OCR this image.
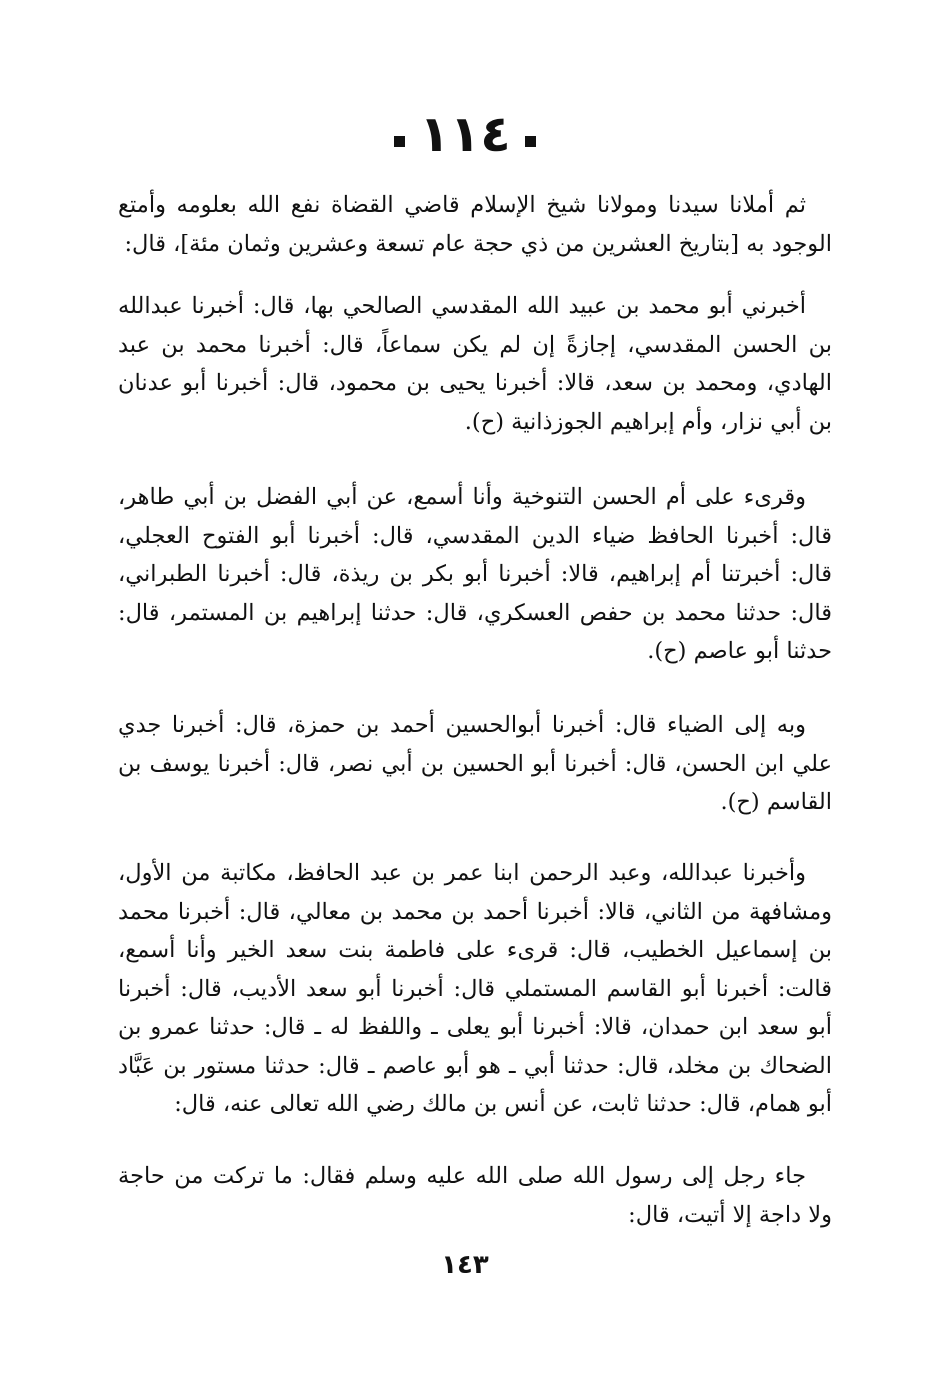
١١٤

ثم أملانا سيدنا ومولانا شيخ الإسلام قاضي القضاة نفع الله بعلومه وأمتع الوجود به [بتاريخ العشرين من ذي حجة عام تسعة وعشرين وثمان مئة]، قال:

أخبرني أبو محمد بن عبيد الله المقدسي الصالحي بها، قال: أخبرنا عبدالله بن الحسن المقدسي، إجازةً إن لم يكن سماعاً، قال: أخبرنا محمد بن عبد الهادي، ومحمد بن سعد، قالا: أخبرنا يحيى بن محمود، قال: أخبرنا أبو عدنان بن أبي نزار، وأم إبراهيم الجوزذانية (ح).

وقرىء على أم الحسن التنوخية وأنا أسمع، عن أبي الفضل بن أبي طاهر، قال: أخبرنا الحافظ ضياء الدين المقدسي، قال: أخبرنا أبو الفتوح العجلي، قال: أخبرتنا أم إبراهيم، قالا: أخبرنا أبو بكر بن ريذة، قال: أخبرنا الطبراني، قال: حدثنا محمد بن حفص العسكري، قال: حدثنا إبراهيم بن المستمر، قال: حدثنا أبو عاصم (ح).

وبه إلى الضياء قال: أخبرنا أبوالحسين أحمد بن حمزة، قال: أخبرنا جدي علي ابن الحسن، قال: أخبرنا أبو الحسين بن أبي نصر، قال: أخبرنا يوسف بن القاسم (ح).

وأخبرنا عبدالله، وعبد الرحمن ابنا عمر بن عبد الحافظ، مكاتبة من الأول، ومشافهة من الثاني، قالا: أخبرنا أحمد بن محمد بن معالي، قال: أخبرنا محمد بن إسماعيل الخطيب، قال: قرىء على فاطمة بنت سعد الخير وأنا أسمع، قالت: أخبرنا أبو القاسم المستملي قال: أخبرنا أبو سعد الأديب، قال: أخبرنا أبو سعد ابن حمدان، قالا: أخبرنا أبو يعلى ـ واللفظ له ـ قال: حدثنا عمرو بن الضحاك بن مخلد، قال: حدثنا أبي ـ هو أبو عاصم ـ قال: حدثنا مستور بن عَبَّاد أبو همام، قال: حدثنا ثابت، عن أنس بن مالك رضي الله تعالى عنه، قال:

جاء رجل إلى رسول الله صلى الله عليه وسلم فقال: ما تركت من حاجة ولا داجة إلا أتيت، قال:

١٤٣
